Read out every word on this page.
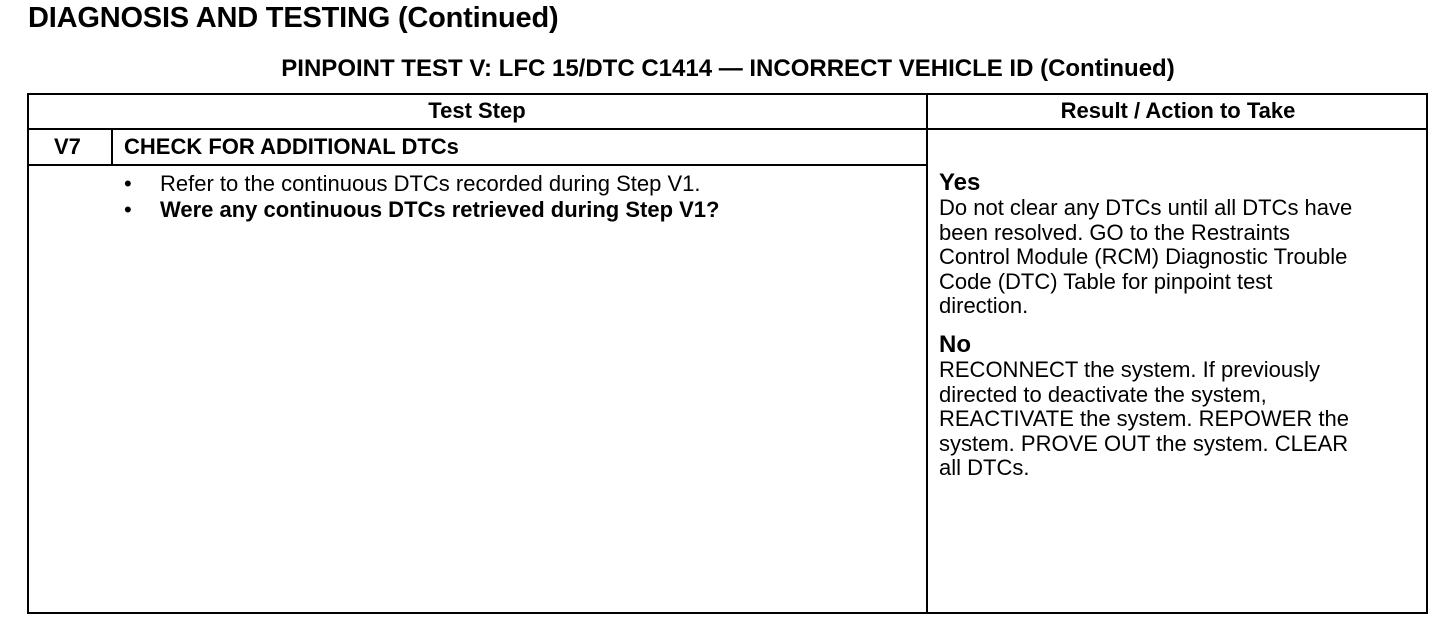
DIAGNOSIS AND TESTING (Continued)
PINPOINT TEST V: LFC 15/DTC C1414 — INCORRECT VEHICLE ID (Continued)
Test Step	Result / Action to Take
V7 CHECK FOR ADDITIONAL DTCs
•	Refer to the continuous DTCs recorded during Step V1.
•	Were any continuous DTCs retrieved during Step V1?
Yes
Do not clear any DTCs until all DTCs have
been resolved. GO to the Restraints
Control Module (RCM) Diagnostic Trouble
Code (DTC) Table for pinpoint test
direction.
No
RECONNECT the system. If previously
directed to deactivate the system,
REACTIVATE the system. REPOWER the
system. PROVE OUT the system. CLEAR
all DTCs.
